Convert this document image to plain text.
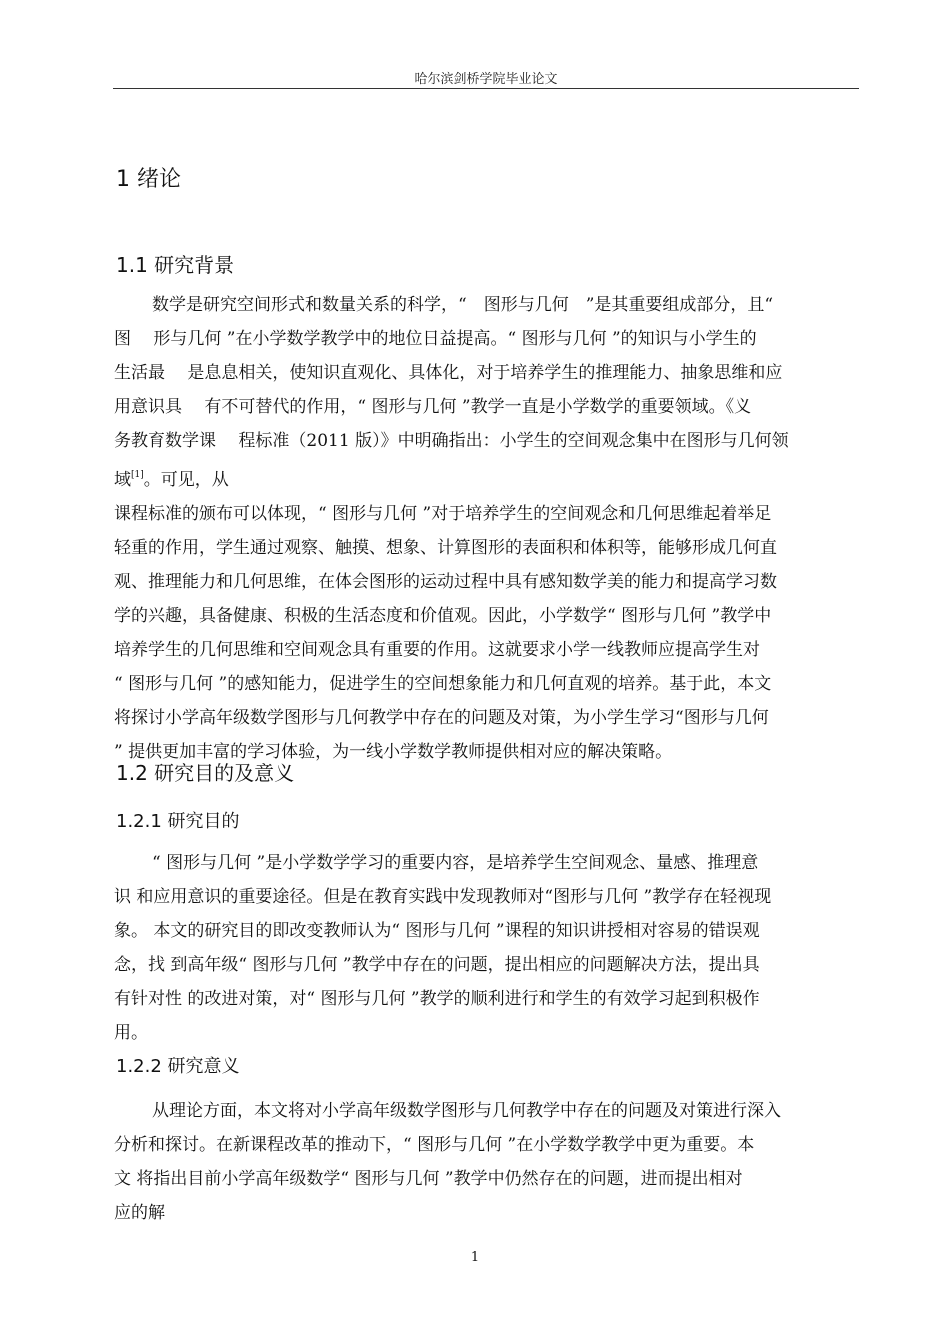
哈尔滨剑桥学院毕业论文
1 绪论
1.1 研究背景
数学是研究空间形式和数量关系的科学，“　图形与几何　”是其重要组成部分，且“
图　 形与几何 ”在小学数学教学中的地位日益提高。“ 图形与几何 ”的知识与小学生的
生活最　 是息息相关，使知识直观化、具体化，对于培养学生的推理能力、抽象思维和应
用意识具　 有不可替代的作用，“ 图形与几何 ”教学一直是小学数学的重要领域。《义
务教育数学课　 程标准（2011 版）》中明确指出：小学生的空间观念集中在图形与几何领
域[1]。可见，从
课程标准的颁布可以体现，“ 图形与几何 ”对于培养学生的空间观念和几何思维起着举足
轻重的作用，学生通过观察、触摸、想象、计算图形的表面积和体积等，能够形成几何直
观、推理能力和几何思维，在体会图形的运动过程中具有感知数学美的能力和提高学习数
学的兴趣，具备健康、积极的生活态度和价值观。因此，小学数学“ 图形与几何 ”教学中
培养学生的几何思维和空间观念具有重要的作用。这就要求小学一线教师应提高学生对
“ 图形与几何 ”的感知能力，促进学生的空间想象能力和几何直观的培养。基于此，本文
将探讨小学高年级数学图形与几何教学中存在的问题及对策，为小学生学习“图形与几何
” 提供更加丰富的学习体验，为一线小学数学教师提供相对应的解决策略。
1.2 研究目的及意义
1.2.1 研究目的
“ 图形与几何 ”是小学数学学习的重要内容，是培养学生空间观念、量感、推理意
识 和应用意识的重要途径。但是在教育实践中发现教师对“图形与几何 ”教学存在轻视现
象。 本文的研究目的即改变教师认为“ 图形与几何 ”课程的知识讲授相对容易的错误观
念，找 到高年级“ 图形与几何 ”教学中存在的问题，提出相应的问题解决方法，提出具
有针对性 的改进对策，对“ 图形与几何 ”教学的顺利进行和学生的有效学习起到积极作
用。
1.2.2 研究意义
从理论方面，本文将对小学高年级数学图形与几何教学中存在的问题及对策进行深入
分析和探讨。在新课程改革的推动下，“ 图形与几何 ”在小学数学教学中更为重要。本
文 将指出目前小学高年级数学“ 图形与几何 ”教学中仍然存在的问题，进而提出相对
应的解
1
